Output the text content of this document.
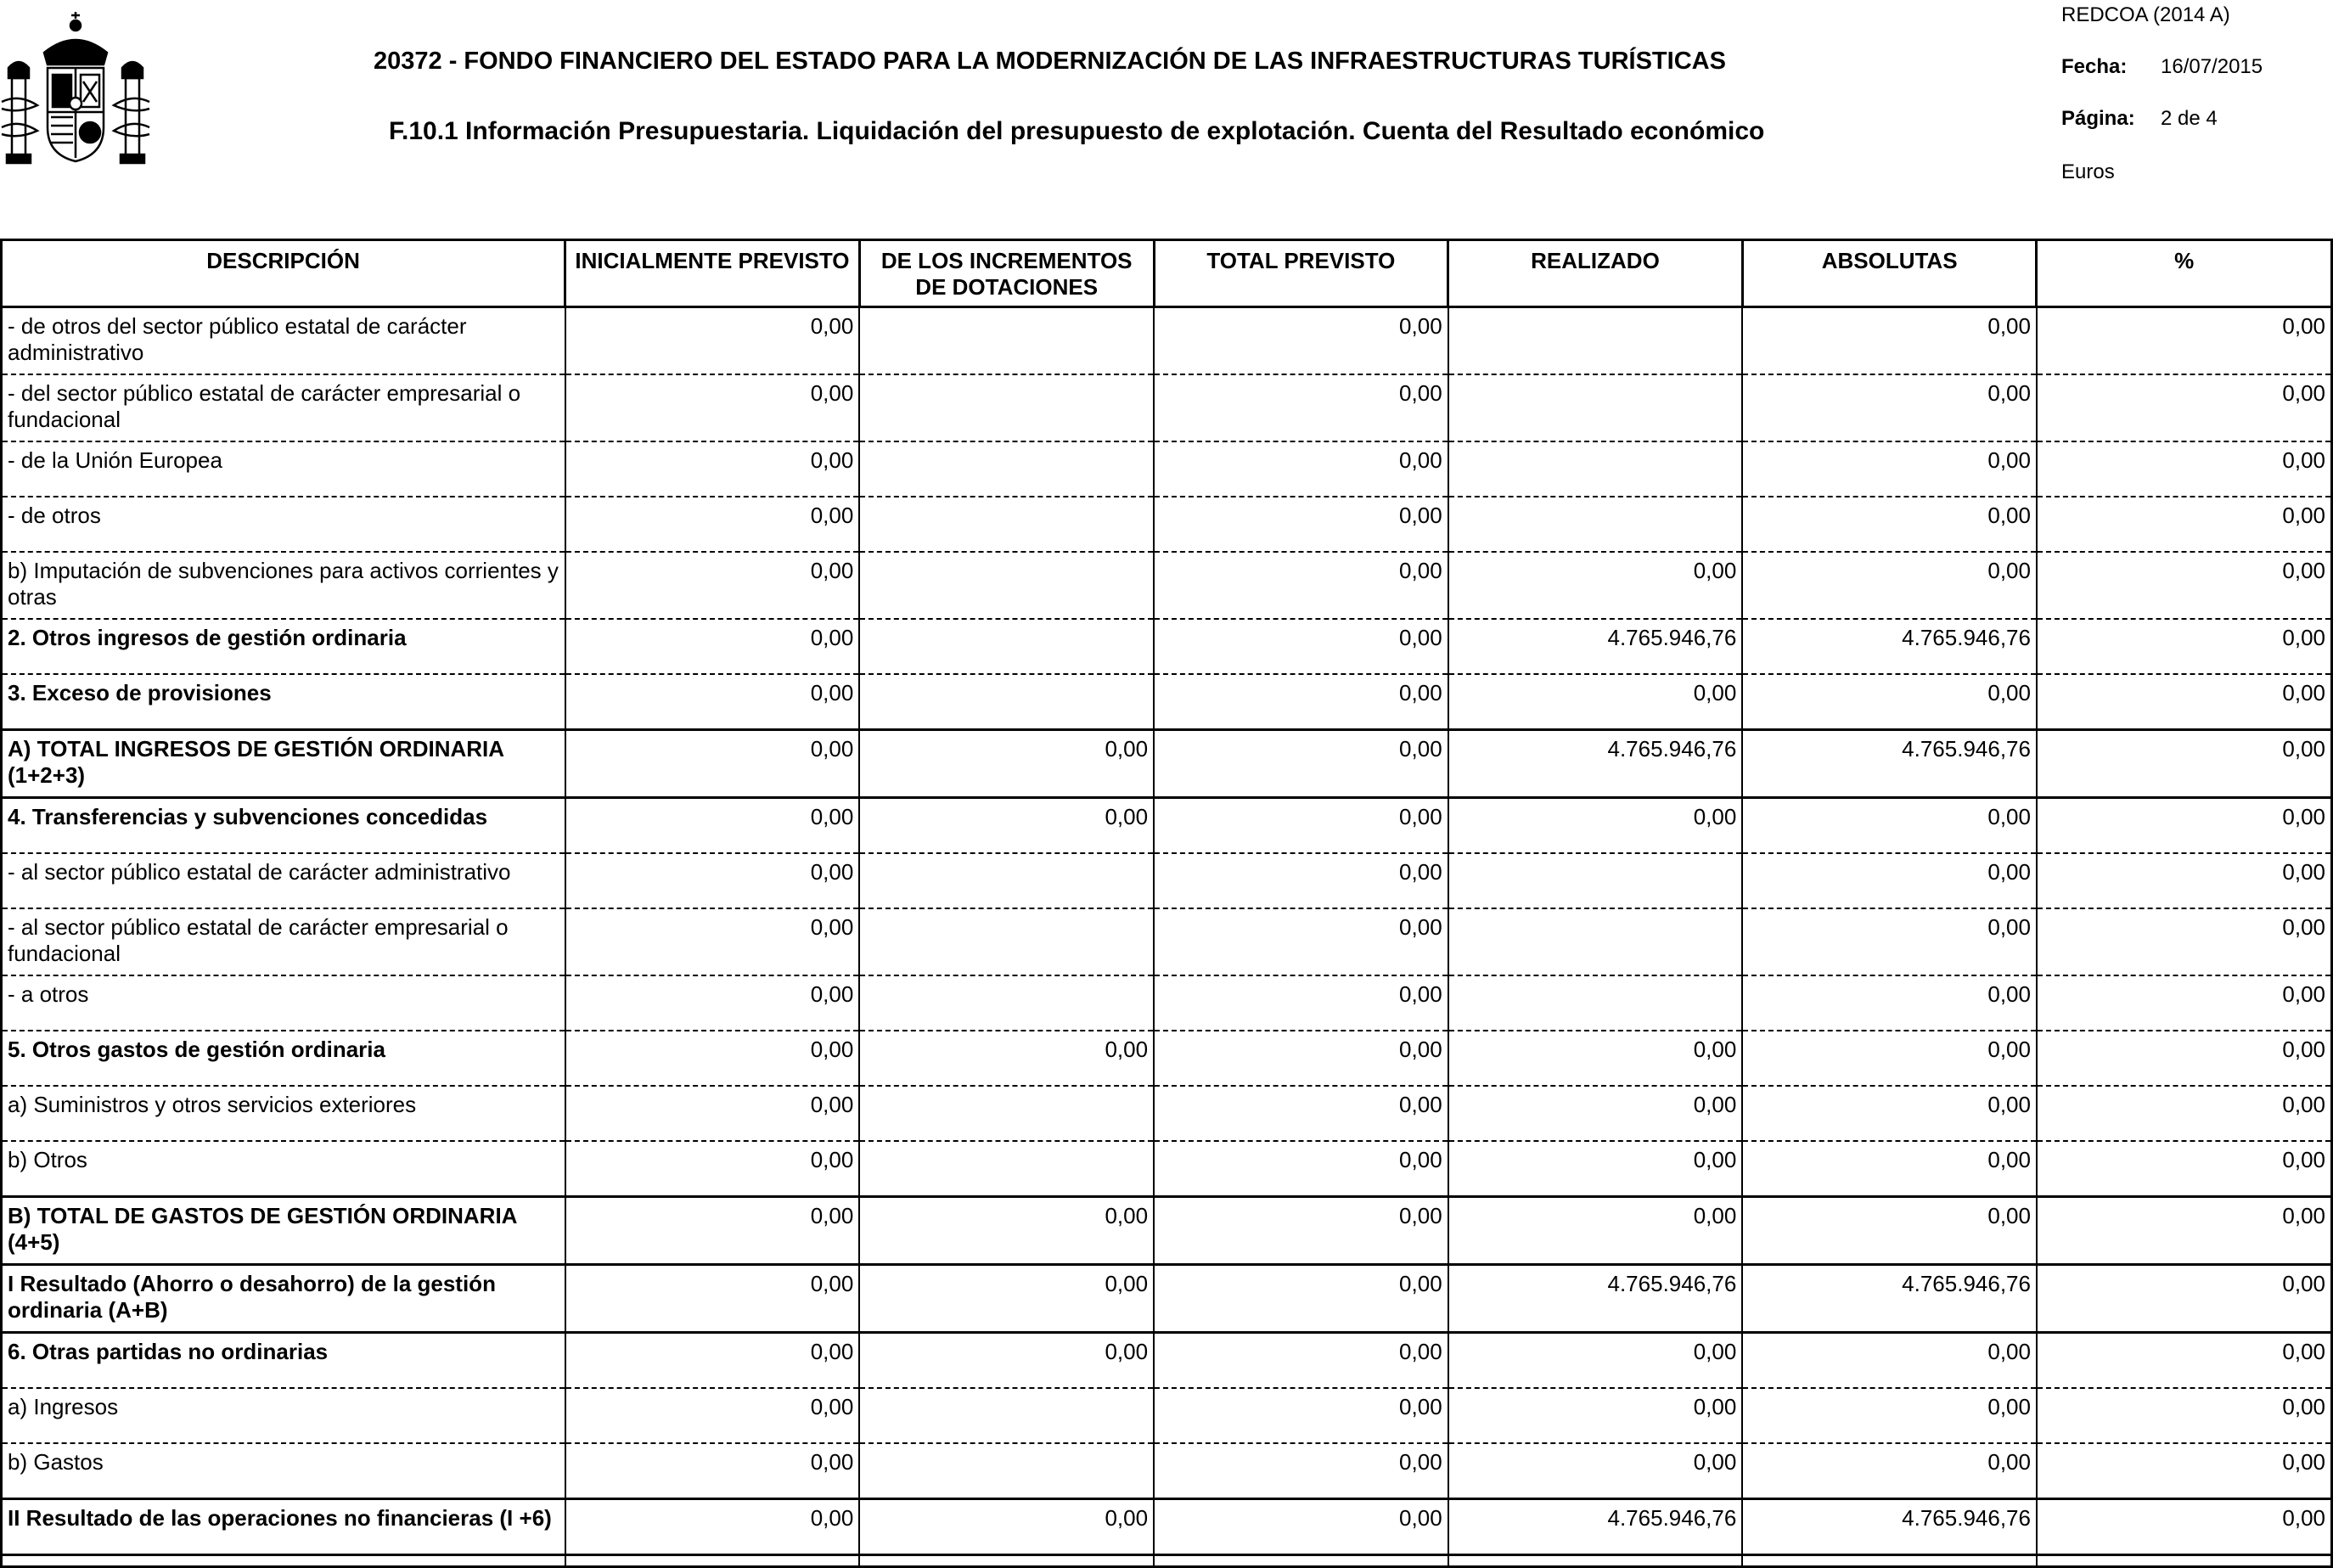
20372 - FONDO FINANCIERO DEL ESTADO PARA LA MODERNIZACIÓN DE LAS INFRAESTRUCTURAS TURÍSTICAS
F.10.1 Información Presupuestaria. Liquidación del presupuesto de explotación. Cuenta del Resultado económico
REDCOA (2014 A)
Fecha: 16/07/2015
Página: 2 de 4
Euros
DESCRIPCIÓN	INICIALMENTE PREVISTO	DE LOS INCREMENTOS DE DOTACIONES	TOTAL PREVISTO	REALIZADO	ABSOLUTAS	%
- de otros del sector público estatal de carácter administrativo	0,00		0,00		0,00	0,00
- del sector público estatal de carácter empresarial o fundacional	0,00		0,00		0,00	0,00
- de la Unión Europea	0,00		0,00		0,00	0,00
- de otros	0,00		0,00		0,00	0,00
b) Imputación de subvenciones para activos corrientes y otras	0,00		0,00	0,00	0,00	0,00
2. Otros ingresos de gestión ordinaria	0,00		0,00	4.765.946,76	4.765.946,76	0,00
3. Exceso de provisiones	0,00		0,00	0,00	0,00	0,00
A) TOTAL INGRESOS DE GESTIÓN ORDINARIA (1+2+3)	0,00	0,00	0,00	4.765.946,76	4.765.946,76	0,00
4. Transferencias y subvenciones concedidas	0,00	0,00	0,00	0,00	0,00	0,00
- al sector público estatal de carácter administrativo	0,00		0,00		0,00	0,00
- al sector público estatal de carácter empresarial o fundacional	0,00		0,00		0,00	0,00
- a otros	0,00		0,00		0,00	0,00
5. Otros gastos de gestión ordinaria	0,00	0,00	0,00	0,00	0,00	0,00
a) Suministros y otros servicios exteriores	0,00		0,00	0,00	0,00	0,00
b) Otros	0,00		0,00	0,00	0,00	0,00
B) TOTAL DE GASTOS DE GESTIÓN ORDINARIA (4+5)	0,00	0,00	0,00	0,00	0,00	0,00
I Resultado (Ahorro o desahorro) de la gestión ordinaria (A+B)	0,00	0,00	0,00	4.765.946,76	4.765.946,76	0,00
6. Otras partidas no ordinarias	0,00	0,00	0,00	0,00	0,00	0,00
a) Ingresos	0,00		0,00	0,00	0,00	0,00
b) Gastos	0,00		0,00	0,00	0,00	0,00
II Resultado de las operaciones no financieras (I +6)	0,00	0,00	0,00	4.765.946,76	4.765.946,76	0,00
